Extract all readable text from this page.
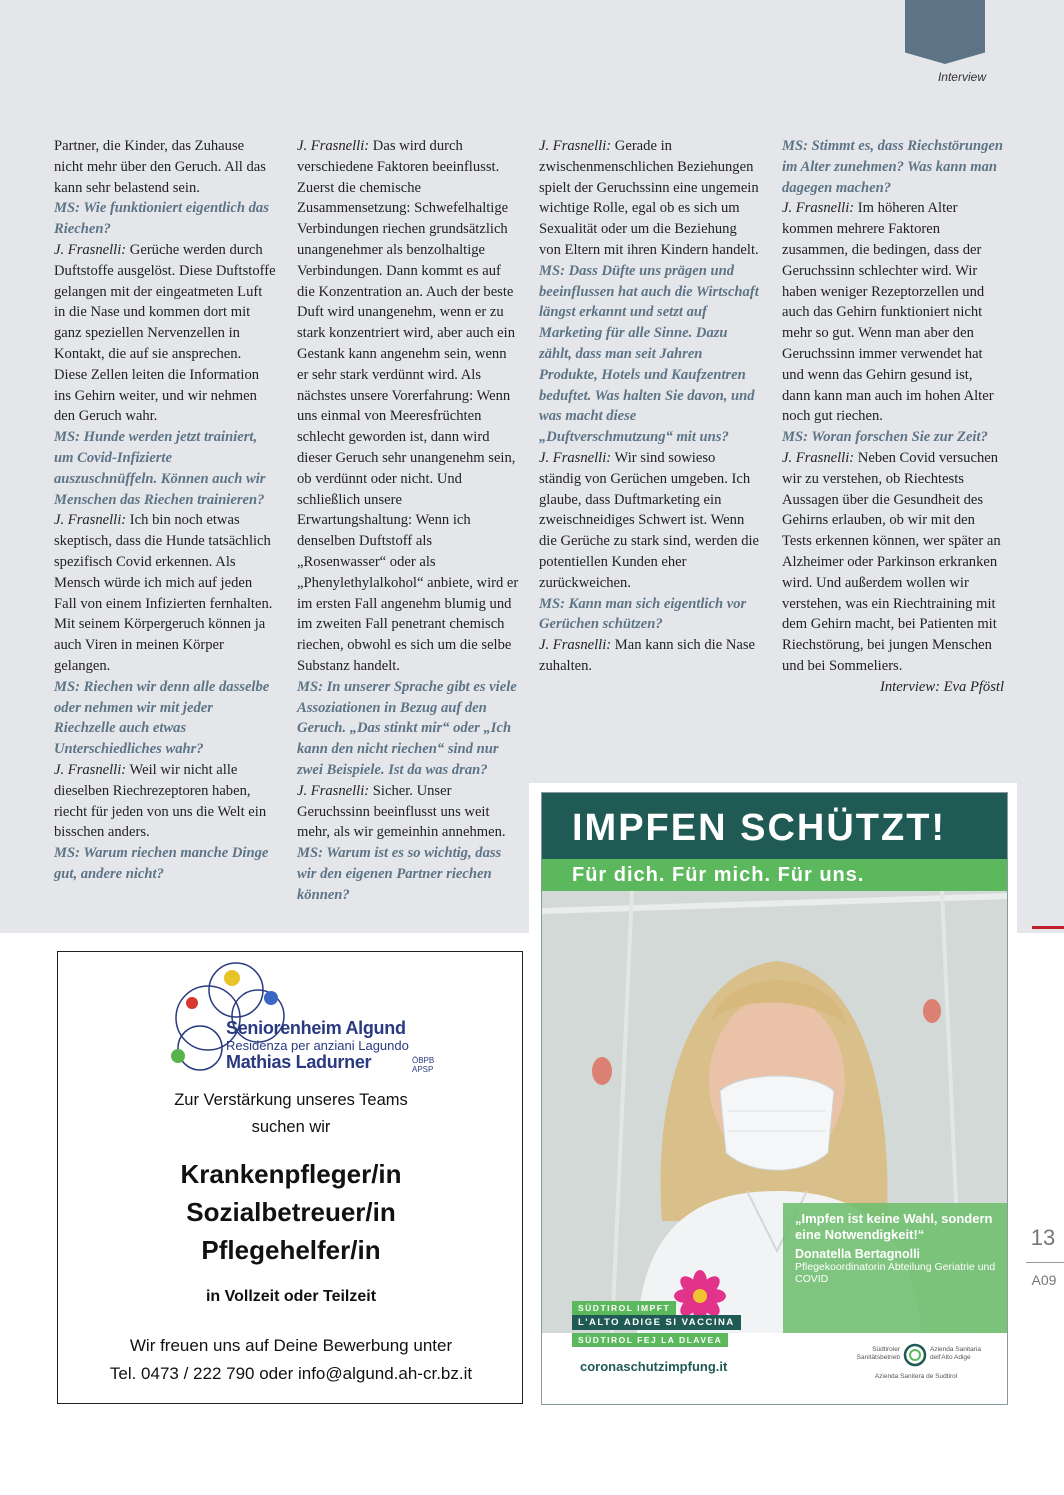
Interview

Partner, die Kinder, das Zuhause nicht mehr über den Geruch. All das kann sehr belastend sein.

MS: Wie funktioniert eigentlich das Riechen?

J. Frasnelli: Gerüche werden durch Duftstoffe ausgelöst. Diese Duftstoffe gelangen mit der eingeatmeten Luft in die Nase und kommen dort mit ganz speziellen Nervenzellen in Kontakt, die auf sie ansprechen. Diese Zellen leiten die Information ins Gehirn weiter, und wir nehmen den Geruch wahr.

MS: Hunde werden jetzt trainiert, um Covid-Infizierte auszuschnüffeln. Können auch wir Menschen das Riechen trainieren?

J. Frasnelli: Ich bin noch etwas skeptisch, dass die Hunde tatsächlich spezifisch Covid erkennen. Als Mensch würde ich mich auf jeden Fall von einem Infizierten fernhalten. Mit seinem Körpergeruch können ja auch Viren in meinen Körper gelangen.

MS: Riechen wir denn alle dasselbe oder nehmen wir mit jeder Riechzelle auch etwas Unterschiedliches wahr?

J. Frasnelli: Weil wir nicht alle dieselben Riechrezeptoren haben, riecht für jeden von uns die Welt ein bisschen anders.

MS: Warum riechen manche Dinge gut, andere nicht?

J. Frasnelli: Das wird durch verschiedene Faktoren beeinflusst. Zuerst die chemische Zusammensetzung: Schwefelhaltige Verbindungen riechen grundsätzlich unangenehmer als benzolhaltige Verbindungen. Dann kommt es auf die Konzentration an. Auch der beste Duft wird unangenehm, wenn er zu stark konzentriert wird, aber auch ein Gestank kann angenehm sein, wenn er sehr stark verdünnt wird. Als nächstes unsere Vorerfahrung: Wenn uns einmal von Meeresfrüchten schlecht geworden ist, dann wird dieser Geruch sehr unangenehm sein, ob verdünnt oder nicht. Und schließlich unsere Erwartungshaltung: Wenn ich denselben Duftstoff als „Rosenwasser“ oder als „Phenylethylalkohol“ anbiete, wird er im ersten Fall angenehm blumig und im zweiten Fall penetrant chemisch riechen, obwohl es sich um die selbe Substanz handelt.

MS: In unserer Sprache gibt es viele Assoziationen in Bezug auf den Geruch. „Das stinkt mir“ oder „Ich kann den nicht riechen“ sind nur zwei Beispiele. Ist da was dran?

J. Frasnelli: Sicher. Unser Geruchssinn beeinflusst uns weit mehr, als wir gemeinhin annehmen.

MS: Warum ist es so wichtig, dass wir den eigenen Partner riechen können?

J. Frasnelli: Gerade in zwischenmenschlichen Beziehungen spielt der Geruchssinn eine ungemein wichtige Rolle, egal ob es sich um Sexualität oder um die Beziehung von Eltern mit ihren Kindern handelt.

MS: Dass Düfte uns prägen und beeinflussen hat auch die Wirtschaft längst erkannt und setzt auf Marketing für alle Sinne. Dazu zählt, dass man seit Jahren Produkte, Hotels und Kaufzentren beduftet. Was halten Sie davon, und was macht diese „Duftverschmutzung“ mit uns?

J. Frasnelli: Wir sind sowieso ständig von Gerüchen umgeben. Ich glaube, dass Duftmarketing ein zweischneidiges Schwert ist. Wenn die Gerüche zu stark sind, werden die potentiellen Kunden eher zurückweichen.

MS: Kann man sich eigentlich vor Gerüchen schützen?

J. Frasnelli: Man kann sich die Nase zuhalten.

MS: Stimmt es, dass Riechstörungen im Alter zunehmen? Was kann man dagegen machen?

J. Frasnelli: Im höheren Alter kommen mehrere Faktoren zusammen, die bedingen, dass der Geruchssinn schlechter wird. Wir haben weniger Rezeptorzellen und auch das Gehirn funktioniert nicht mehr so gut. Wenn man aber den Geruchssinn immer verwendet hat und wenn das Gehirn gesund ist, dann kann man auch im hohen Alter noch gut riechen.

MS: Woran forschen Sie zur Zeit?

J. Frasnelli: Neben Covid versuchen wir zu verstehen, ob Riechtests Aussagen über die Gesundheit des Gehirns erlauben, ob wir mit den Tests erkennen können, wer später an Alzheimer oder Parkinson erkranken wird. Und außerdem wollen wir verstehen, was ein Riechtraining mit dem Gehirn macht, bei Patienten mit Riechstörung, bei jungen Menschen und bei Sommeliers.

Interview: Eva Pföstl

Seniorenheim Algund
Residenza per anziani Lagundo
Mathias Ladurner	ÖBPB
APSP
Zur Verstärkung unseres Teams
suchen wir
Krankenpfleger/in
Sozialbetreuer/in
Pflegehelfer/in
in Vollzeit oder Teilzeit
Wir freuen uns auf Deine Bewerbung unter
Tel. 0473 / 222 790 oder info@algund.ah-cr.bz.it
IMPFEN SCHÜTZT!
Für dich. Für mich. Für uns.
„Impfen ist keine Wahl, sondern eine Notwendigkeit!“
Donatella Bertagnolli
Pflegekoordinatorin Abteilung Geriatrie und COVID
SÜDTIROL IMPFT
L'ALTO ADIGE SI VACCINA
SÜDTIROL FEJ LA DLAVEA
coronaschutzimpfung.it
Südtiroler Sanitätsbetrieb
Azienda Sanitaria dell'Alto Adige
Azienda Sanitera de Sudtirol
13
A09
